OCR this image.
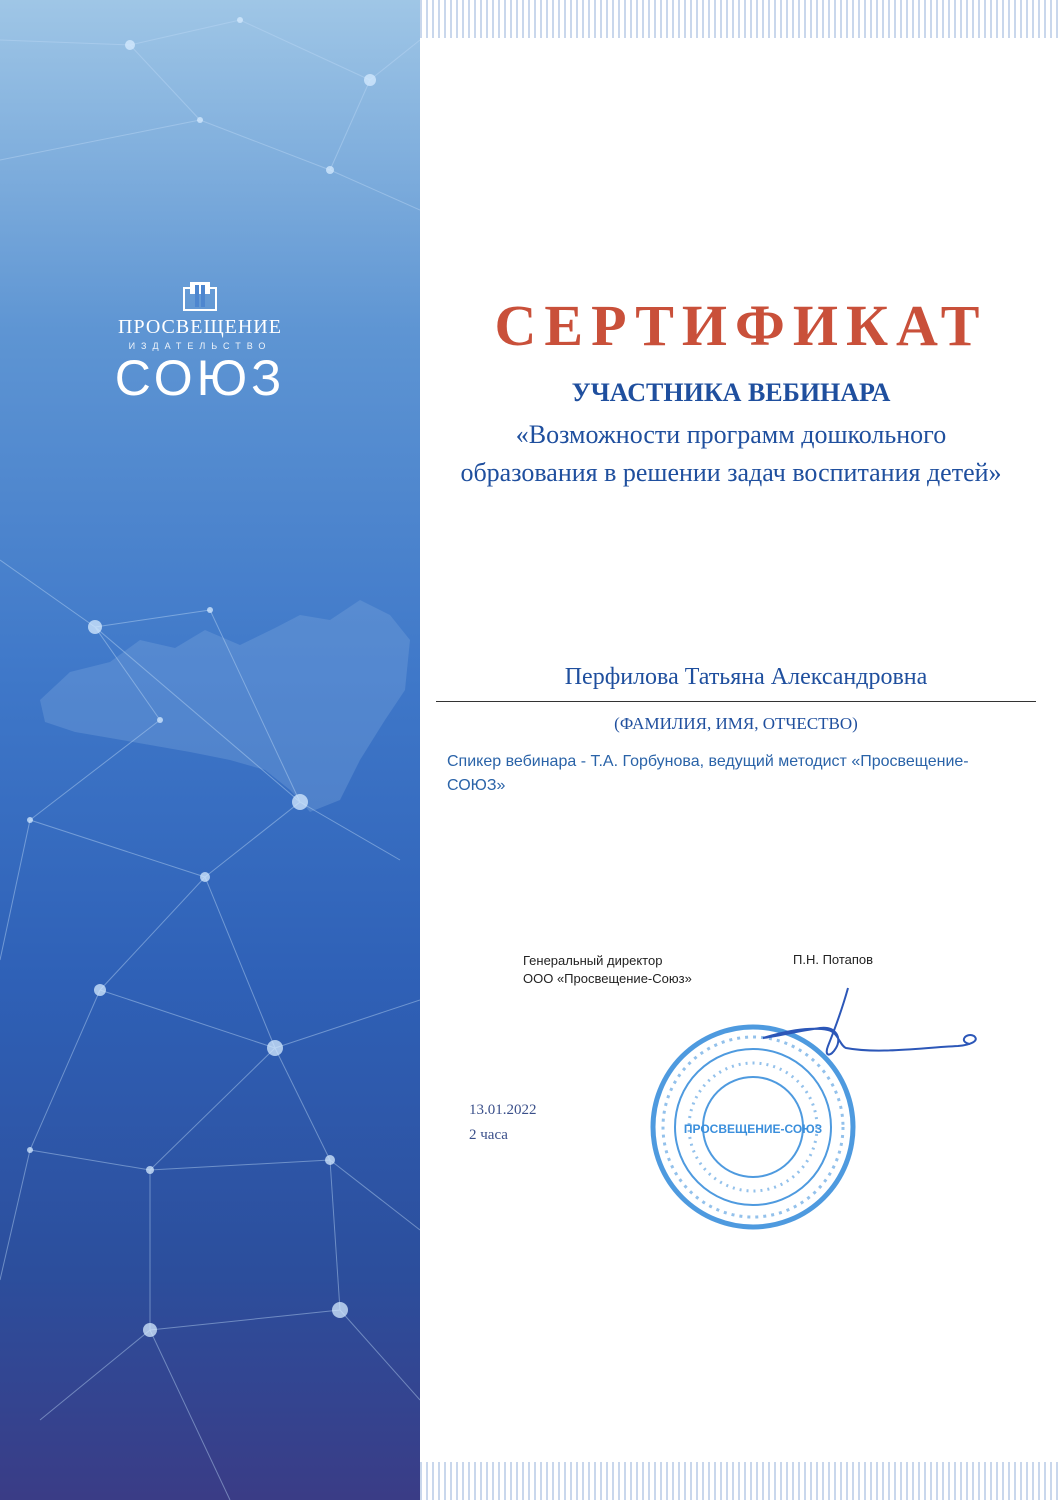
ПРОСВЕЩЕНИЕ
ИЗДАТЕЛЬСТВО
СОЮЗ
СЕРТИФИКАТ
УЧАСТНИКА ВЕБИНАРА
«Возможности программ дошкольного
образования в решении задач воспитания детей»
Перфилова Татьяна Александровна
(ФАМИЛИЯ, ИМЯ, ОТЧЕСТВО)
Спикер вебинара - Т.А. Горбунова, ведущий методист «Просвещение-
СОЮЗ»
Генеральный директор
ООО «Просвещение-Союз»
П.Н. Потапов
13.01.2022
2 часа	ПРОСВЕЩЕНИЕ-СОЮЗ
